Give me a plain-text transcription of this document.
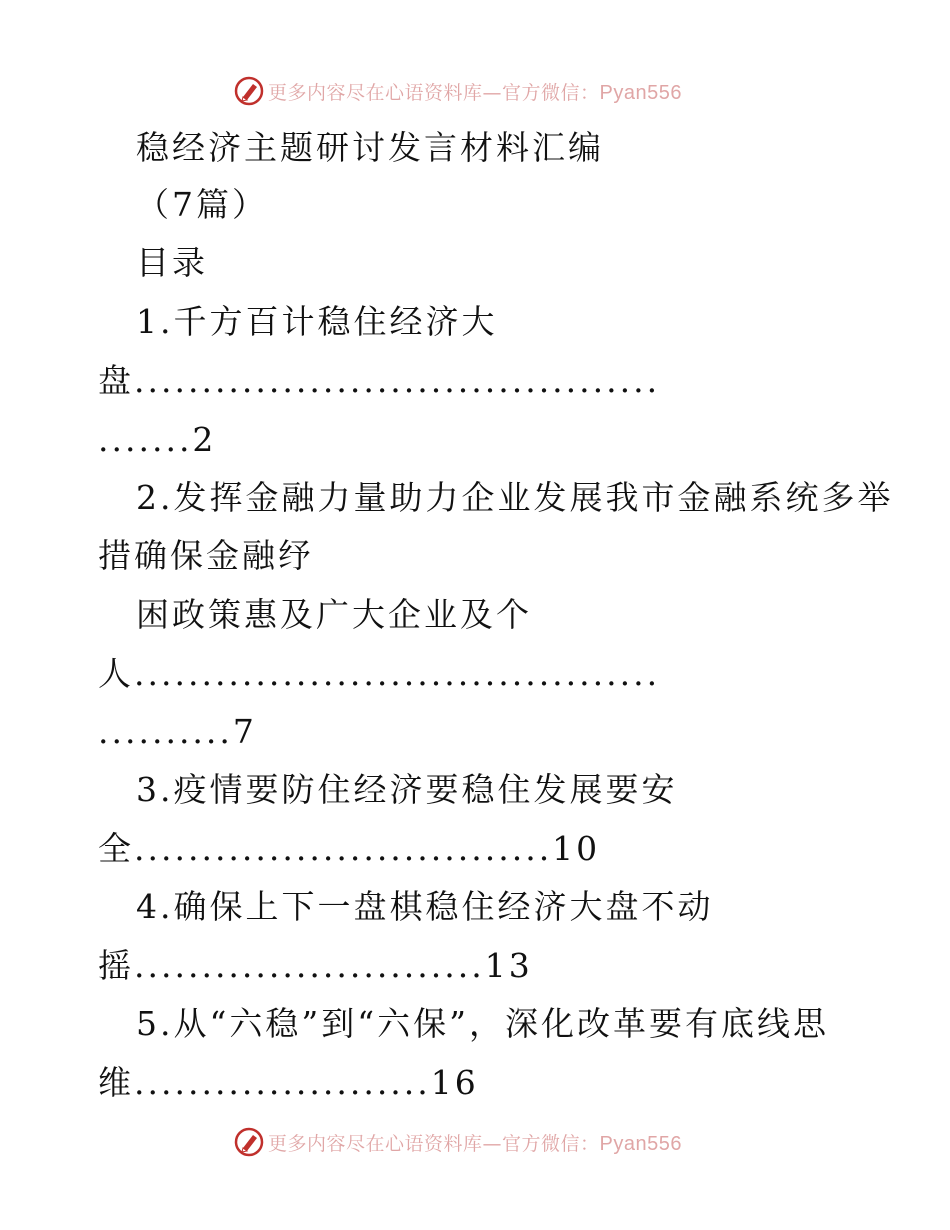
更多内容尽在心语资料库—官方微信：Pyan556
稳经济主题研讨发言材料汇编
（7篇）
目录
1.千方百计稳住经济大
盘.......................................
.......2
2.发挥金融力量助力企业发展我市金融系统多举
措确保金融纾
困政策惠及广大企业及个
人.......................................
..........7
3.疫情要防住经济要稳住发展要安
全...............................10
4.确保上下一盘棋稳住经济大盘不动
摇..........................13
5.从“六稳”到“六保”，深化改革要有底线思
维......................16
更多内容尽在心语资料库—官方微信：Pyan556
